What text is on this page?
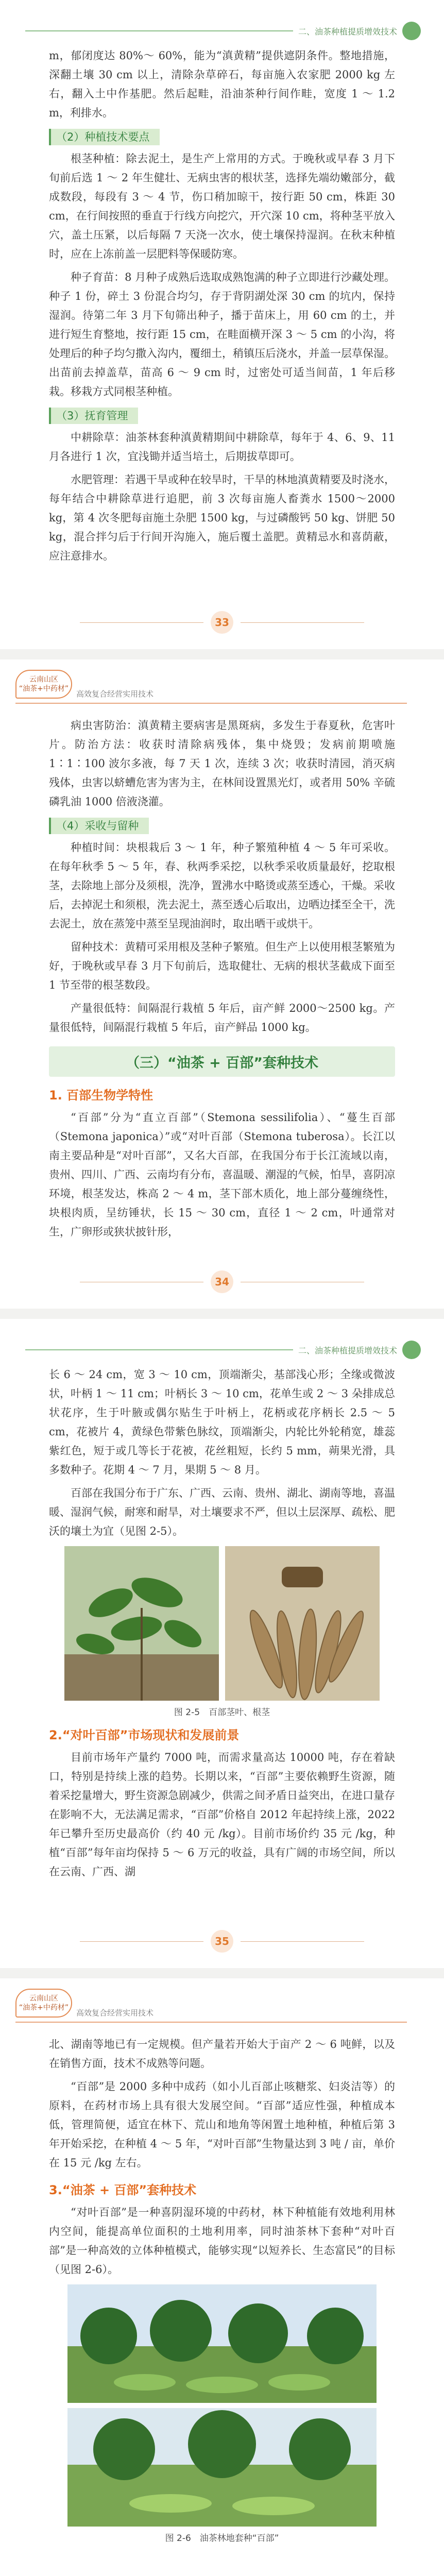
二、油茶种植提质增效技术

m，郁闭度达 80%～ 60%，能为“滇黄精”提供遮阴条件。整地措施，深翻土壤 30 cm 以上，清除杂草碎石，每亩施入农家肥 2000 kg 左右，翻入土中作基肥。然后起畦，沿油茶种行间作畦，宽度 1 ～ 1.2 m，利排水。

（2）种植技术要点

根茎种植：除去泥土，是生产上常用的方式。于晚秋或早春 3 月下旬前后选 1 ～ 2 年生健壮、无病虫害的根状茎，选择先端幼嫩部分，截成数段，每段有 3 ～ 4 节，伤口稍加晾干，按行距 50 cm，株距 30 cm，在行间按照的垂直于行线方向挖穴，开穴深 10 cm，将种茎平放入穴，盖土压紧，以后每隔 7 天浇一次水，使土壤保持湿润。在秋末种植时，应在上冻前盖一层肥料等保暖防寒。

种子育苗：8 月种子成熟后选取成熟饱满的种子立即进行沙藏处理。种子 1 份，碎土 3 份混合均匀，存于背阴湖处深 30 cm 的坑内，保持湿润。待第二年 3 月下旬筛出种子，播于苗床上，用 60 cm 的土，并进行短生育整地，按行距 15 cm，在畦面横开深 3 ～ 5 cm 的小沟，将处理后的种子均匀撒入沟内，覆细土，稍镇压后浇水，并盖一层草保湿。出苗前去掉盖草，苗高 6 ～ 9 cm 时，过密处可适当间苗，1 年后移栽。移栽方式同根茎种植。

（3）抚育管理

中耕除草：油茶林套种滇黄精期间中耕除草，每年于 4、6、9、11 月各进行 1 次，宜浅锄并适当培土，后期拔草即可。

水肥管理：若遇干旱或种在较旱时，干旱的林地滇黄精要及时浇水，每年结合中耕除草进行追肥，前 3 次每亩施人畜粪水 1500～2000 kg，第 4 次冬肥每亩施土杂肥 1500 kg，与过磷酸钙 50 kg、饼肥 50 kg，混合拌匀后于行间开沟施入，施后覆土盖肥。黄精忌水和喜荫蔽，应注意排水。

33
云南山区
“油茶+中药材”
高效复合经营实用技术

病虫害防治：滇黄精主要病害是黑斑病，多发生于春夏秋，危害叶片。防治方法：收获时清除病残体，集中烧毁；发病前期喷施 1∶1∶100 波尔多液，每 7 天 1 次，连续 3 次；收获时清园，消灭病残体，虫害以蛴螬危害为害为主，在林间设置黑光灯，或者用 50% 辛硫磷乳油 1000 倍液浇灌。

（4）采收与留种

种植时间：块根栽后 3 ～ 1 年，种子繁殖种植 4 ～ 5 年可采收。在每年秋季 5 ～ 5 年，春、秋两季采挖，以秋季采收质量最好，挖取根茎，去除地上部分及须根，洗净，置沸水中略烫或蒸至透心，干燥。采收后，去掉泥土和须根，洗去泥土，蒸至透心后取出，边晒边揉至全干，洗去泥土，放在蒸笼中蒸至呈现油润时，取出晒干或烘干。

留种技术：黄精可采用根及茎种子繁殖。但生产上以使用根茎繁殖为好，于晚秋或早春 3 月下旬前后，选取健壮、无病的根状茎截成下面至 1 节至带的根茎数段。

产量很低特：间隔混行栽植 5 年后，亩产鲜 2000～2500 kg。产量很低特，间隔混行栽植 5 年后，亩产鲜品 1000 kg。

（三）“油茶 + 百部”套种技术
1. 百部生物学特性

“百部”分为“直立百部”（Stemona sessilifolia）、“蔓生百部（Stemona japonica）”或“对叶百部（Stemona tuberosa）。长江以南主要品种是“对叶百部”，又名大百部，在我国分布于长江流域以南，贵州、四川、广西、云南均有分布，喜温暖、潮湿的气候，怕旱，喜阴凉环境，根茎发达，株高 2 ～ 4 m，茎下部木质化，地上部分蔓缠绕性，块根肉质，呈纺锤状，长 15 ～ 30 cm，直径 1 ～ 2 cm，叶通常对生，广卵形或狭状披针形，

34
二、油茶种植提质增效技术

长 6 ～ 24 cm，宽 3 ～ 10 cm，顶端渐尖，基部浅心形；全缘或微波状，叶柄 1 ～ 11 cm；叶柄长 3 ～ 10 cm，花单生或 2 ～ 3 朵排成总状花序，生于叶腋或偶尔贴生于叶柄上，花柄或花序柄长 2.5 ～ 5 cm，花被片 4，黄绿色带紫色脉纹，顶端渐尖，内轮比外轮稍宽，雄蕊紫红色，短于或几等长于花被，花丝粗短，长约 5 mm，蒴果光滑，具多数种子。花期 4 ～ 7 月，果期 5 ～ 8 月。

百部在我国分布于广东、广西、云南、贵州、湖北、湖南等地，喜温暖、湿润气候，耐寒和耐旱，对土壤要求不严，但以土层深厚、疏松、肥沃的壤土为宜（见图 2-5）。

图 2-5　百部茎叶、根茎
2.“对叶百部”市场现状和发展前景

目前市场年产量约 7000 吨，而需求量高达 10000 吨，存在着缺口，特别是持续上涨的趋势。长期以来，“百部”主要依赖野生资源，随着采挖量增大，野生资源急剧减少，供需之间矛盾日益突出，在进口量存在影响不大，无法满足需求，“百部”价格自 2012 年起持续上涨，2022 年已攀升至历史最高价（约 40 元 /kg）。目前市场价约 35 元 /kg，种植“百部”每年亩均保持 5 ～ 6 万元的收益，具有广阔的市场空间，所以在云南、广西、湖

35
云南山区
“油茶+中药材”
高效复合经营实用技术

北、湖南等地已有一定规模。但产量若开始大于亩产 2 ～ 6 吨鲜，以及在销售方面，技术不成熟等问题。

“百部”是 2000 多种中成药（如小儿百部止咳糖浆、妇炎洁等）的原料，在药材市场上具有很大发展空间。“百部”适应性强，种植成本低，管理简便，适宜在林下、荒山和地角等闲置土地种植，种植后第 3 年开始采挖，在种植 4 ～ 5 年，“对叶百部”生物量达到 3 吨 / 亩，单价在 15 元 /kg 左右。

3.“油茶 + 百部”套种技术

“对叶百部”是一种喜阴湿环境的中药材，林下种植能有效地利用林内空间，能提高单位面积的土地利用率，同时油茶林下套种“对叶百部”是一种高效的立体种植模式，能够实现“以短养长、生态富民”的目标（见图 2-6）。

图 2-6　油茶林地套种“百部”
